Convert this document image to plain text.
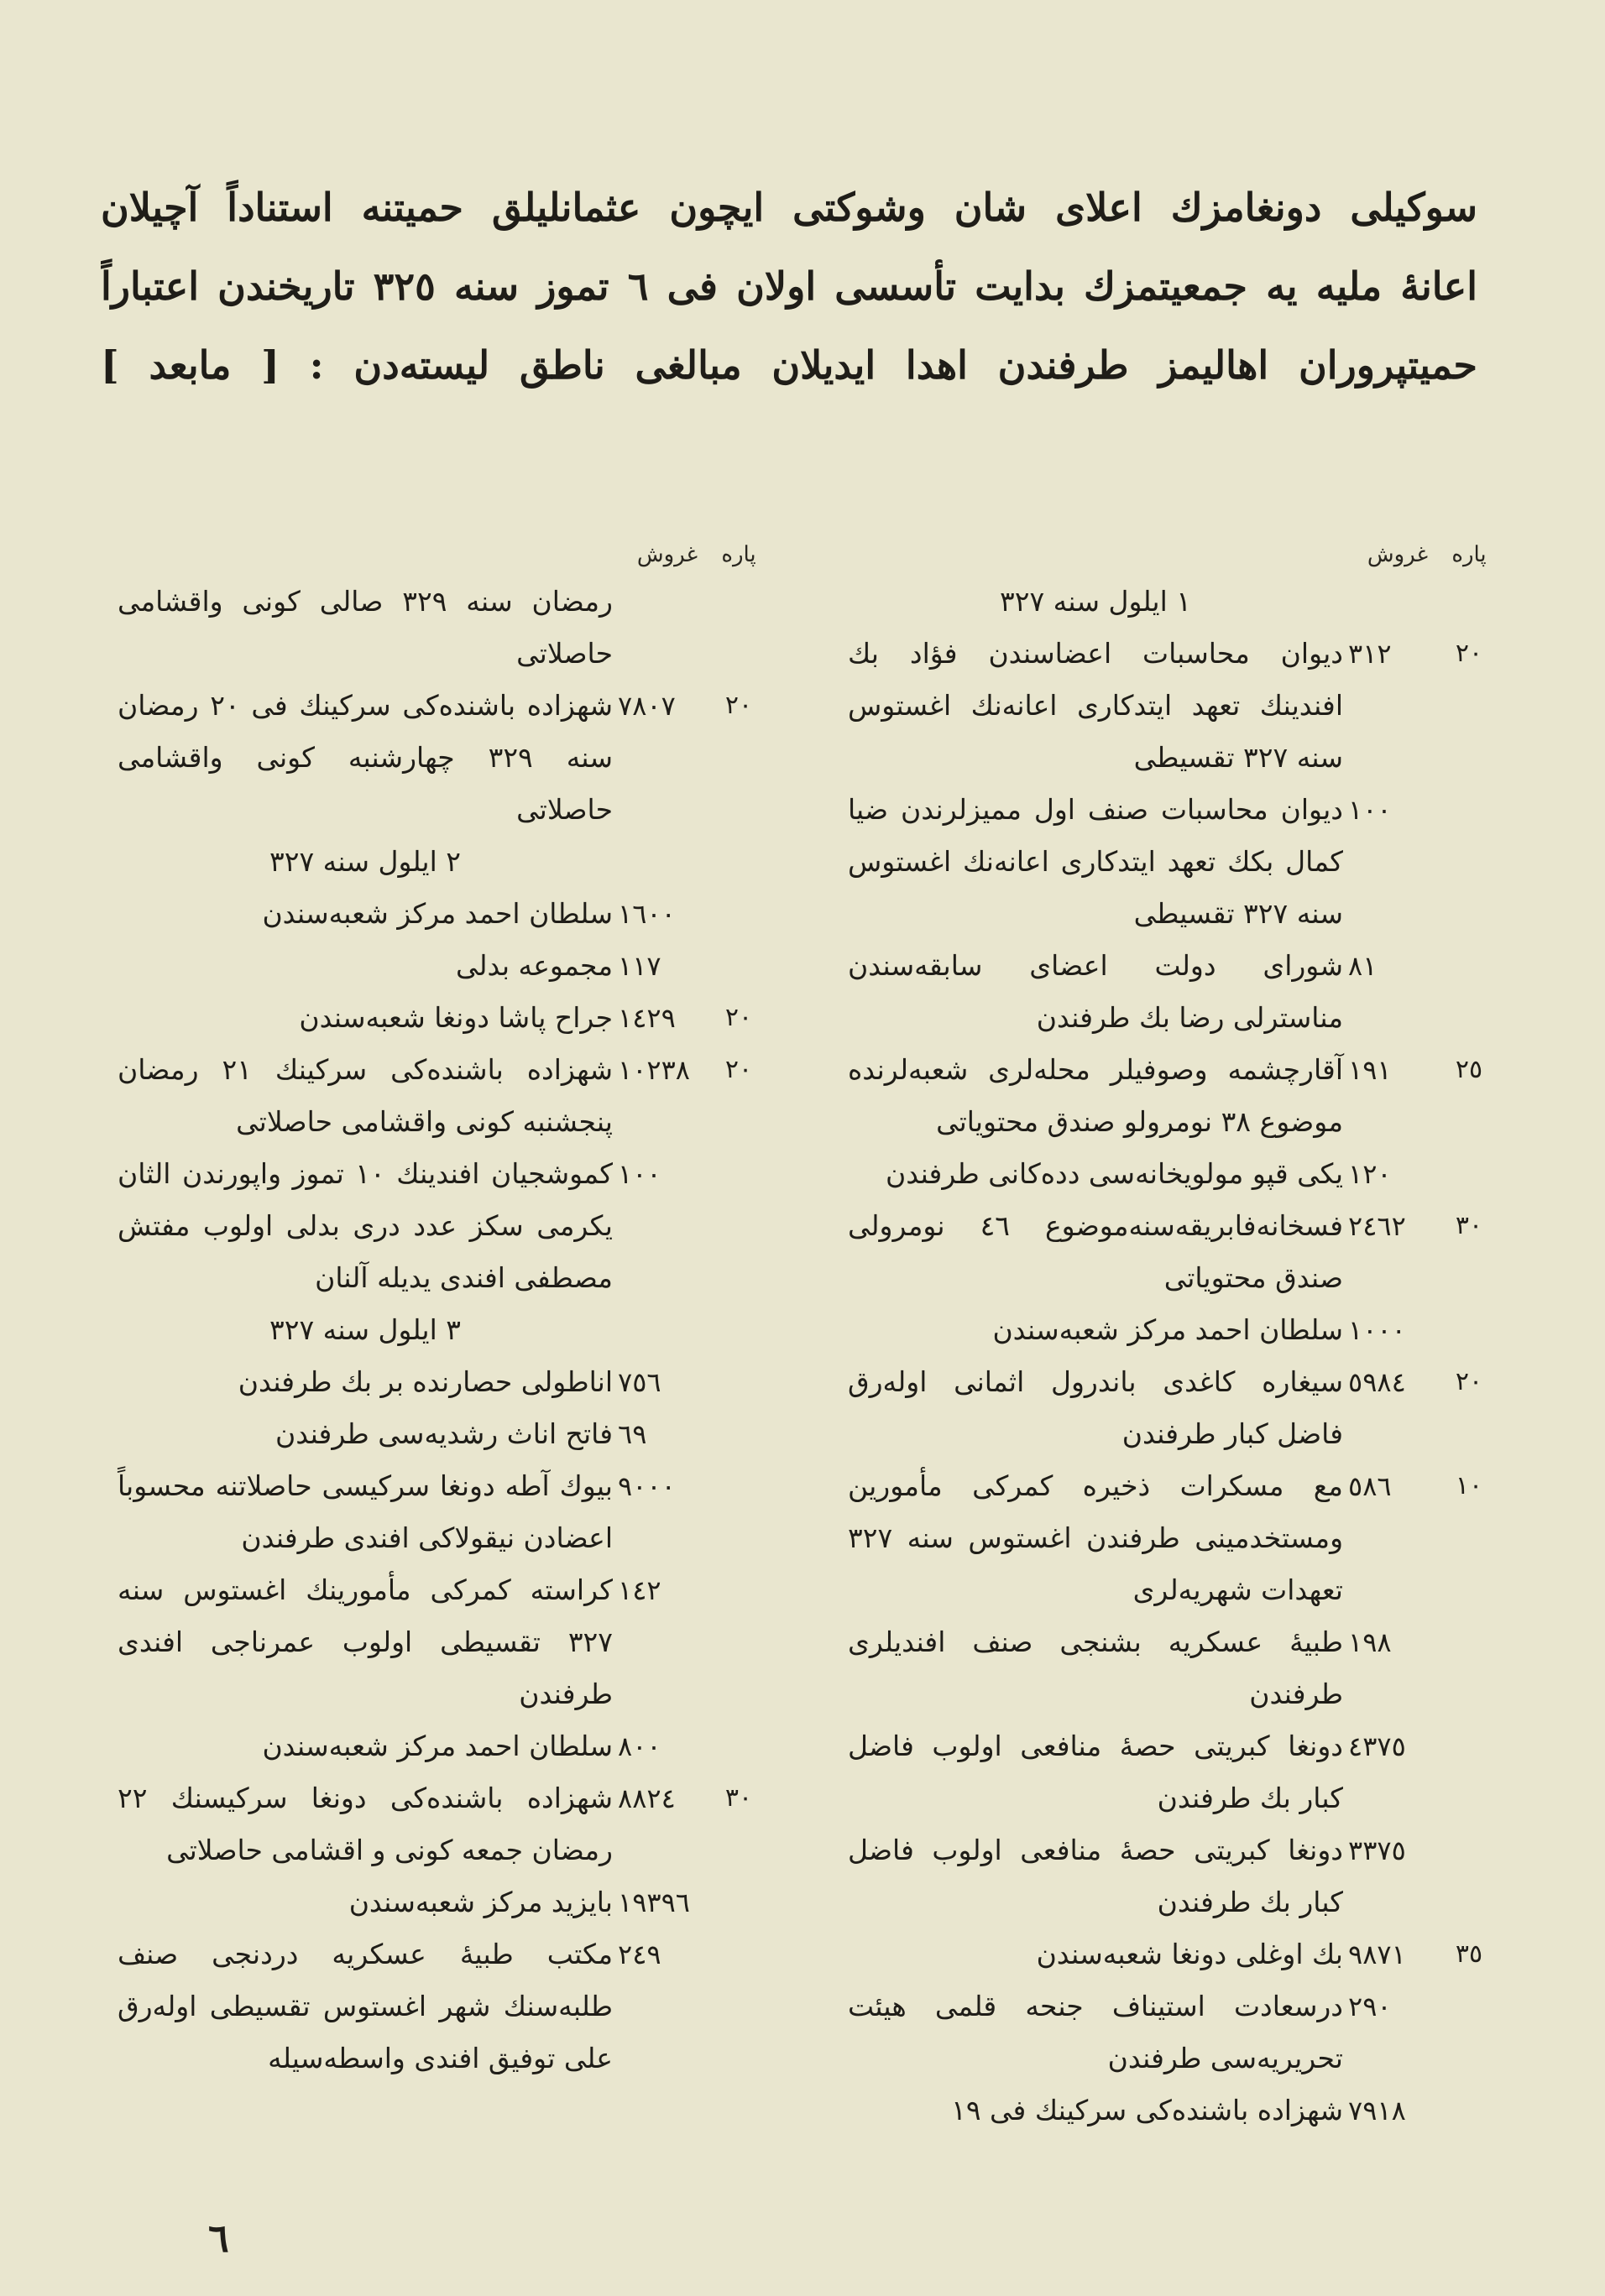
سوکیلی دونغامزك اعلای شان وشوکتی ایچون عثمانلیلق حمیتنه استناداً آچیلان
اعانهٔ ملیه یه جمعیتمزك بدایت تأسسی اولان فی ٦ تموز سنه ٣٢٥ تاریخندن اعتباراً
حمیتپروران اهالیمز طرفندن اهدا ایدیلان مبالغی ناطق لیسته‌دن : [ مابعد ]
پاره
غروش
١ ایلول سنه ٣٢٧
٢٠
٣١٢
دیوان محاسبات اعضاسندن فؤاد بك افندینك تعهد ایتدکاری اعانه‌نك اغستوس سنه ٣٢٧ تقسیطی
١٠٠
دیوان محاسبات صنف اول ممیزلرندن ضیا کمال بکك تعهد ایتدکاری اعانه‌نك اغستوس سنه ٣٢٧ تقسیطی
٨١
شورای دولت اعضای سابقه‌سندن مناسترلی رضا بك طرفندن
٢٥
١٩١
آقارچشمه وصوفیلر محله‌لری شعبه‌لرنده موضوع ٣٨ نومرولو صندق محتویاتی
١٢٠
یکی قپو مولویخانه‌سی دده‌کانی طرفندن
٣٠
٢٤٦٢
فسخانه‌فابریقه‌سنه‌موضوع ٤٦ نومرولی صندق محتویاتی
١٠٠٠
سلطان احمد مرکز شعبه‌سندن
٢٠
٥٩٨٤
سیغاره کاغدی باندرول اثمانی اوله‌رق فاضل کبار طرفندن
١٠
٥٨٦
مع مسکرات ذخیره کمرکی مأمورین ومستخدمینی طرفندن اغستوس سنه ٣٢٧ تعهدات شهریه‌لری
١٩٨
طبیهٔ عسکریه بشنجی صنف افندیلری طرفندن
٤٣٧٥
دونغا کبریتی حصهٔ منافعی اولوب فاضل کبار بك طرفندن
٣٣٧٥
دونغا کبریتی حصهٔ منافعی اولوب فاضل کبار بك طرفندن
٣٥
٩٨٧١
بك اوغلی دونغا شعبه‌سندن
٢٩٠
درسعادت استیناف جنحه قلمی هیئت تحریریه‌سی طرفندن
٧٩١٨
شهزاده باشنده‌کی سرکینك فی ١٩
پاره
غروش
رمضان سنه ٣٢٩ صالی کونی واقشامی حاصلاتی
٢٠
٧٨٠٧
شهزاده باشنده‌کی سرکینك فی ٢٠ رمضان سنه ٣٢٩ چهارشنبه کونی واقشامی حاصلاتی
٢ ایلول سنه ٣٢٧
١٦٠٠
سلطان احمد مرکز شعبه‌سندن
١١٧
مجموعه بدلی
٢٠
١٤٢٩
جراح پاشا دونغا شعبه‌سندن
٢٠
١٠٢٣٨
شهزاده باشنده‌کی سرکینك ٢١ رمضان پنجشنبه کونی واقشامی حاصلاتی
١٠٠
کموشجیان افندینك ١٠ تموز واپورندن الثان یکرمی سکز عدد دری بدلی اولوب مفتش مصطفی افندی یدیله آلنان
٣ ایلول سنه ٣٢٧
٧٥٦
اناطولی حصارنده بر بك طرفندن
٦٩
فاتح اناث رشدیه‌سی طرفندن
٩٠٠٠
بیوك آطه دونغا سرکیسی حاصلاتنه محسوباً اعضادن نیقولاکی افندی طرفندن
١٤٢
کراسته کمرکی مأمورینك اغستوس سنه ٣٢٧ تقسیطی اولوب عمرناجی افندی طرفندن
٨٠٠
سلطان احمد مرکز شعبه‌سندن
٣٠
٨٨٢٤
شهزاده باشنده‌کی دونغا سرکیسنك ٢٢ رمضان جمعه کونی و اقشامی حاصلاتی
١٩٣٩٦
بایزید مرکز شعبه‌سندن
٢٤٩
مکتب طبیهٔ عسکریه دردنجی صنف طلبه‌سنك شهر اغستوس تقسیطی اوله‌رق علی توفیق افندی واسطه‌سیله
٦
